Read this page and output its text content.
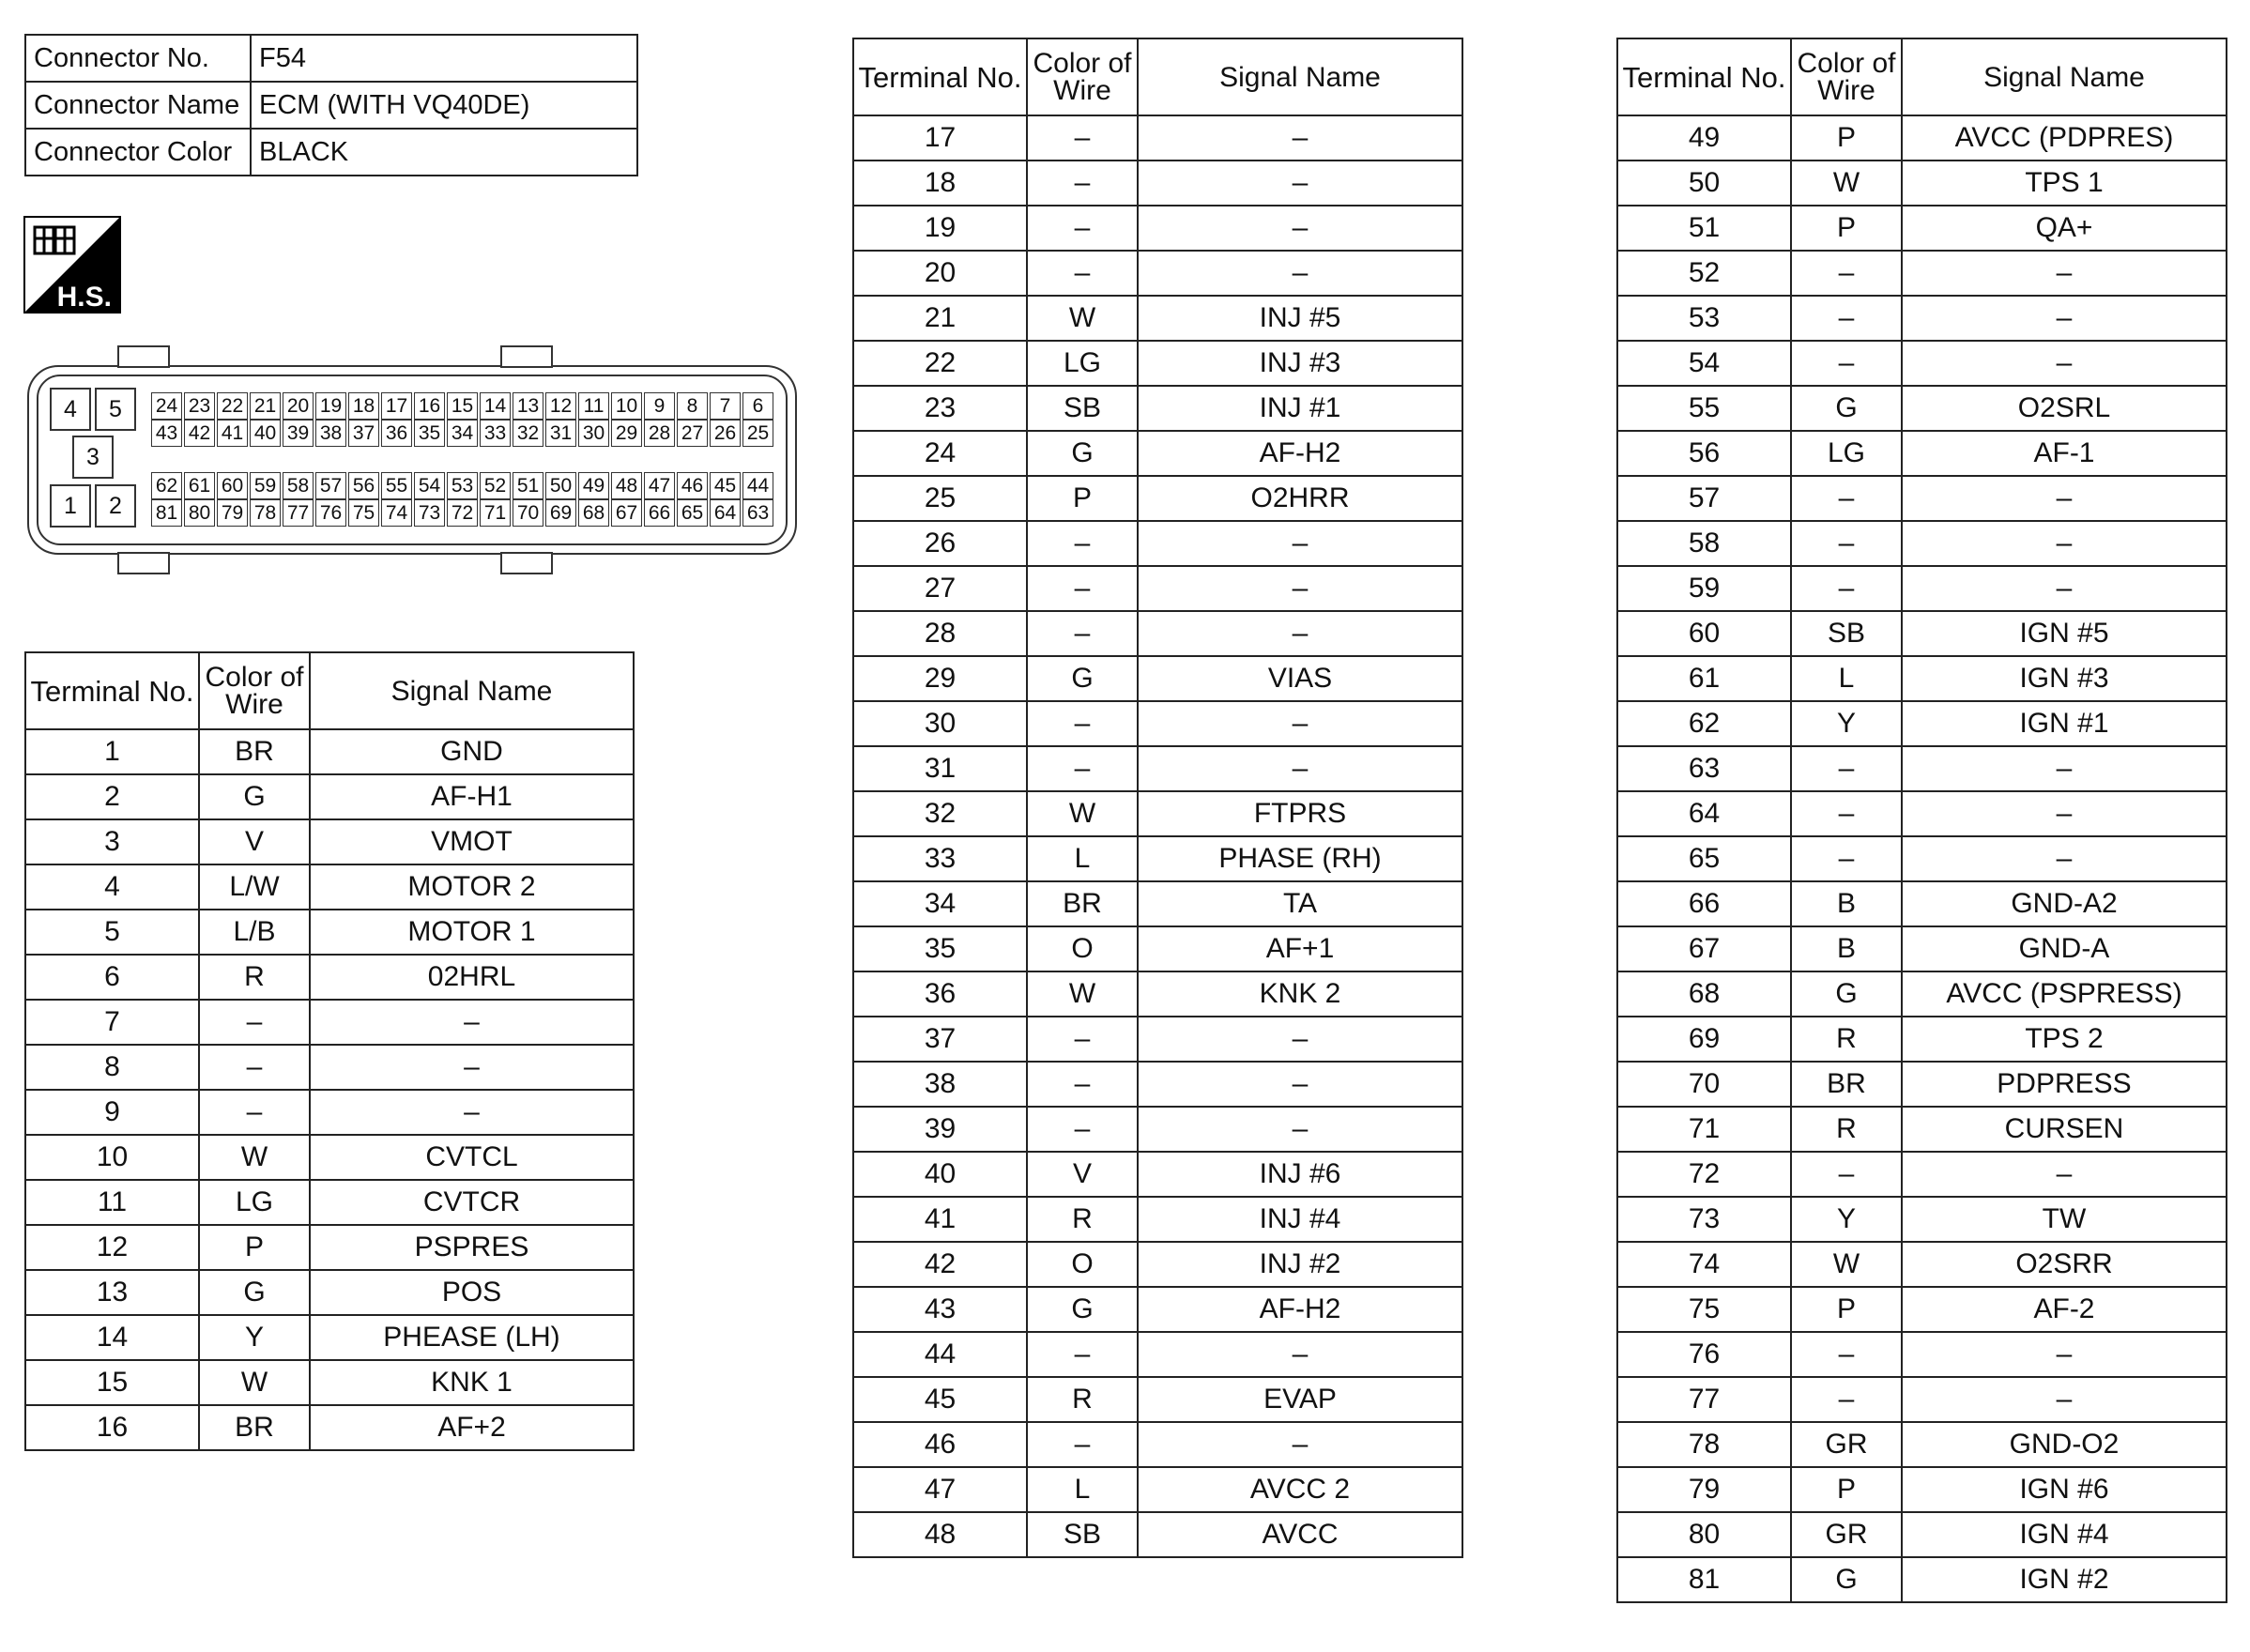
Connector No.	F54
Connector Name	ECM (WITH VQ40DE)
Connector Color	BLACK
H.S.
4	5
3
1	2
24 23 22 21 20 19 18 17 16 15 14 13 12 11 10 9	8	7	6
43 42 41 40 39 38 37 36 35 34 33 32 31 30 29 28 27 26 25
62 61 60 59 58 57 56 55 54 53 52 51 50 49 48 47 46 45 44
81 80 79 78 77 76 75 74 73 72 71 70 69 68 67 66 65 64 63
Terminal No.	Color of Wire	Signal Name
1	BR	GND
2	G	AF-H1
3	V	VMOT
4	L/W	MOTOR 2
5	L/B	MOTOR 1
6	R	02HRL
7	–	–
8	–	–
9	–	–
10	W	CVTCL
11	LG	CVTCR
12	P	PSPRES
13	G	POS
14	Y	PHEASE (LH)
15	W	KNK 1
16	BR	AF+2
Terminal No.	Color of Wire	Signal Name
17	–	–
18	–	–
19	–	–
20	–	–
21	W	INJ #5
22	LG	INJ #3
23	SB	INJ #1
24	G	AF-H2
25	P	O2HRR
26	–	–
27	–	–
28	–	–
29	G	VIAS
30	–	–
31	–	–
32	W	FTPRS
33	L	PHASE (RH)
34	BR	TA
35	O	AF+1
36	W	KNK 2
37	–	–
38	–	–
39	–	–
40	V	INJ #6
41	R	INJ #4
42	O	INJ #2
43	G	AF-H2
44	–	–
45	R	EVAP
46	–	–
47	L	AVCC 2
48	SB	AVCC
Terminal No.	Color of Wire	Signal Name
49	P	AVCC (PDPRES)
50	W	TPS 1
51	P	QA+
52	–	–
53	–	–
54	–	–
55	G	O2SRL
56	LG	AF-1
57	–	–
58	–	–
59	–	–
60	SB	IGN #5
61	L	IGN #3
62	Y	IGN #1
63	–	–
64	–	–
65	–	–
66	B	GND-A2
67	B	GND-A
68	G	AVCC (PSPRESS)
69	R	TPS 2
70	BR	PDPRESS
71	R	CURSEN
72	–	–
73	Y	TW
74	W	O2SRR
75	P	AF-2
76	–	–
77	–	–
78	GR	GND-O2
79	P	IGN #6
80	GR	IGN #4
81	G	IGN #2
